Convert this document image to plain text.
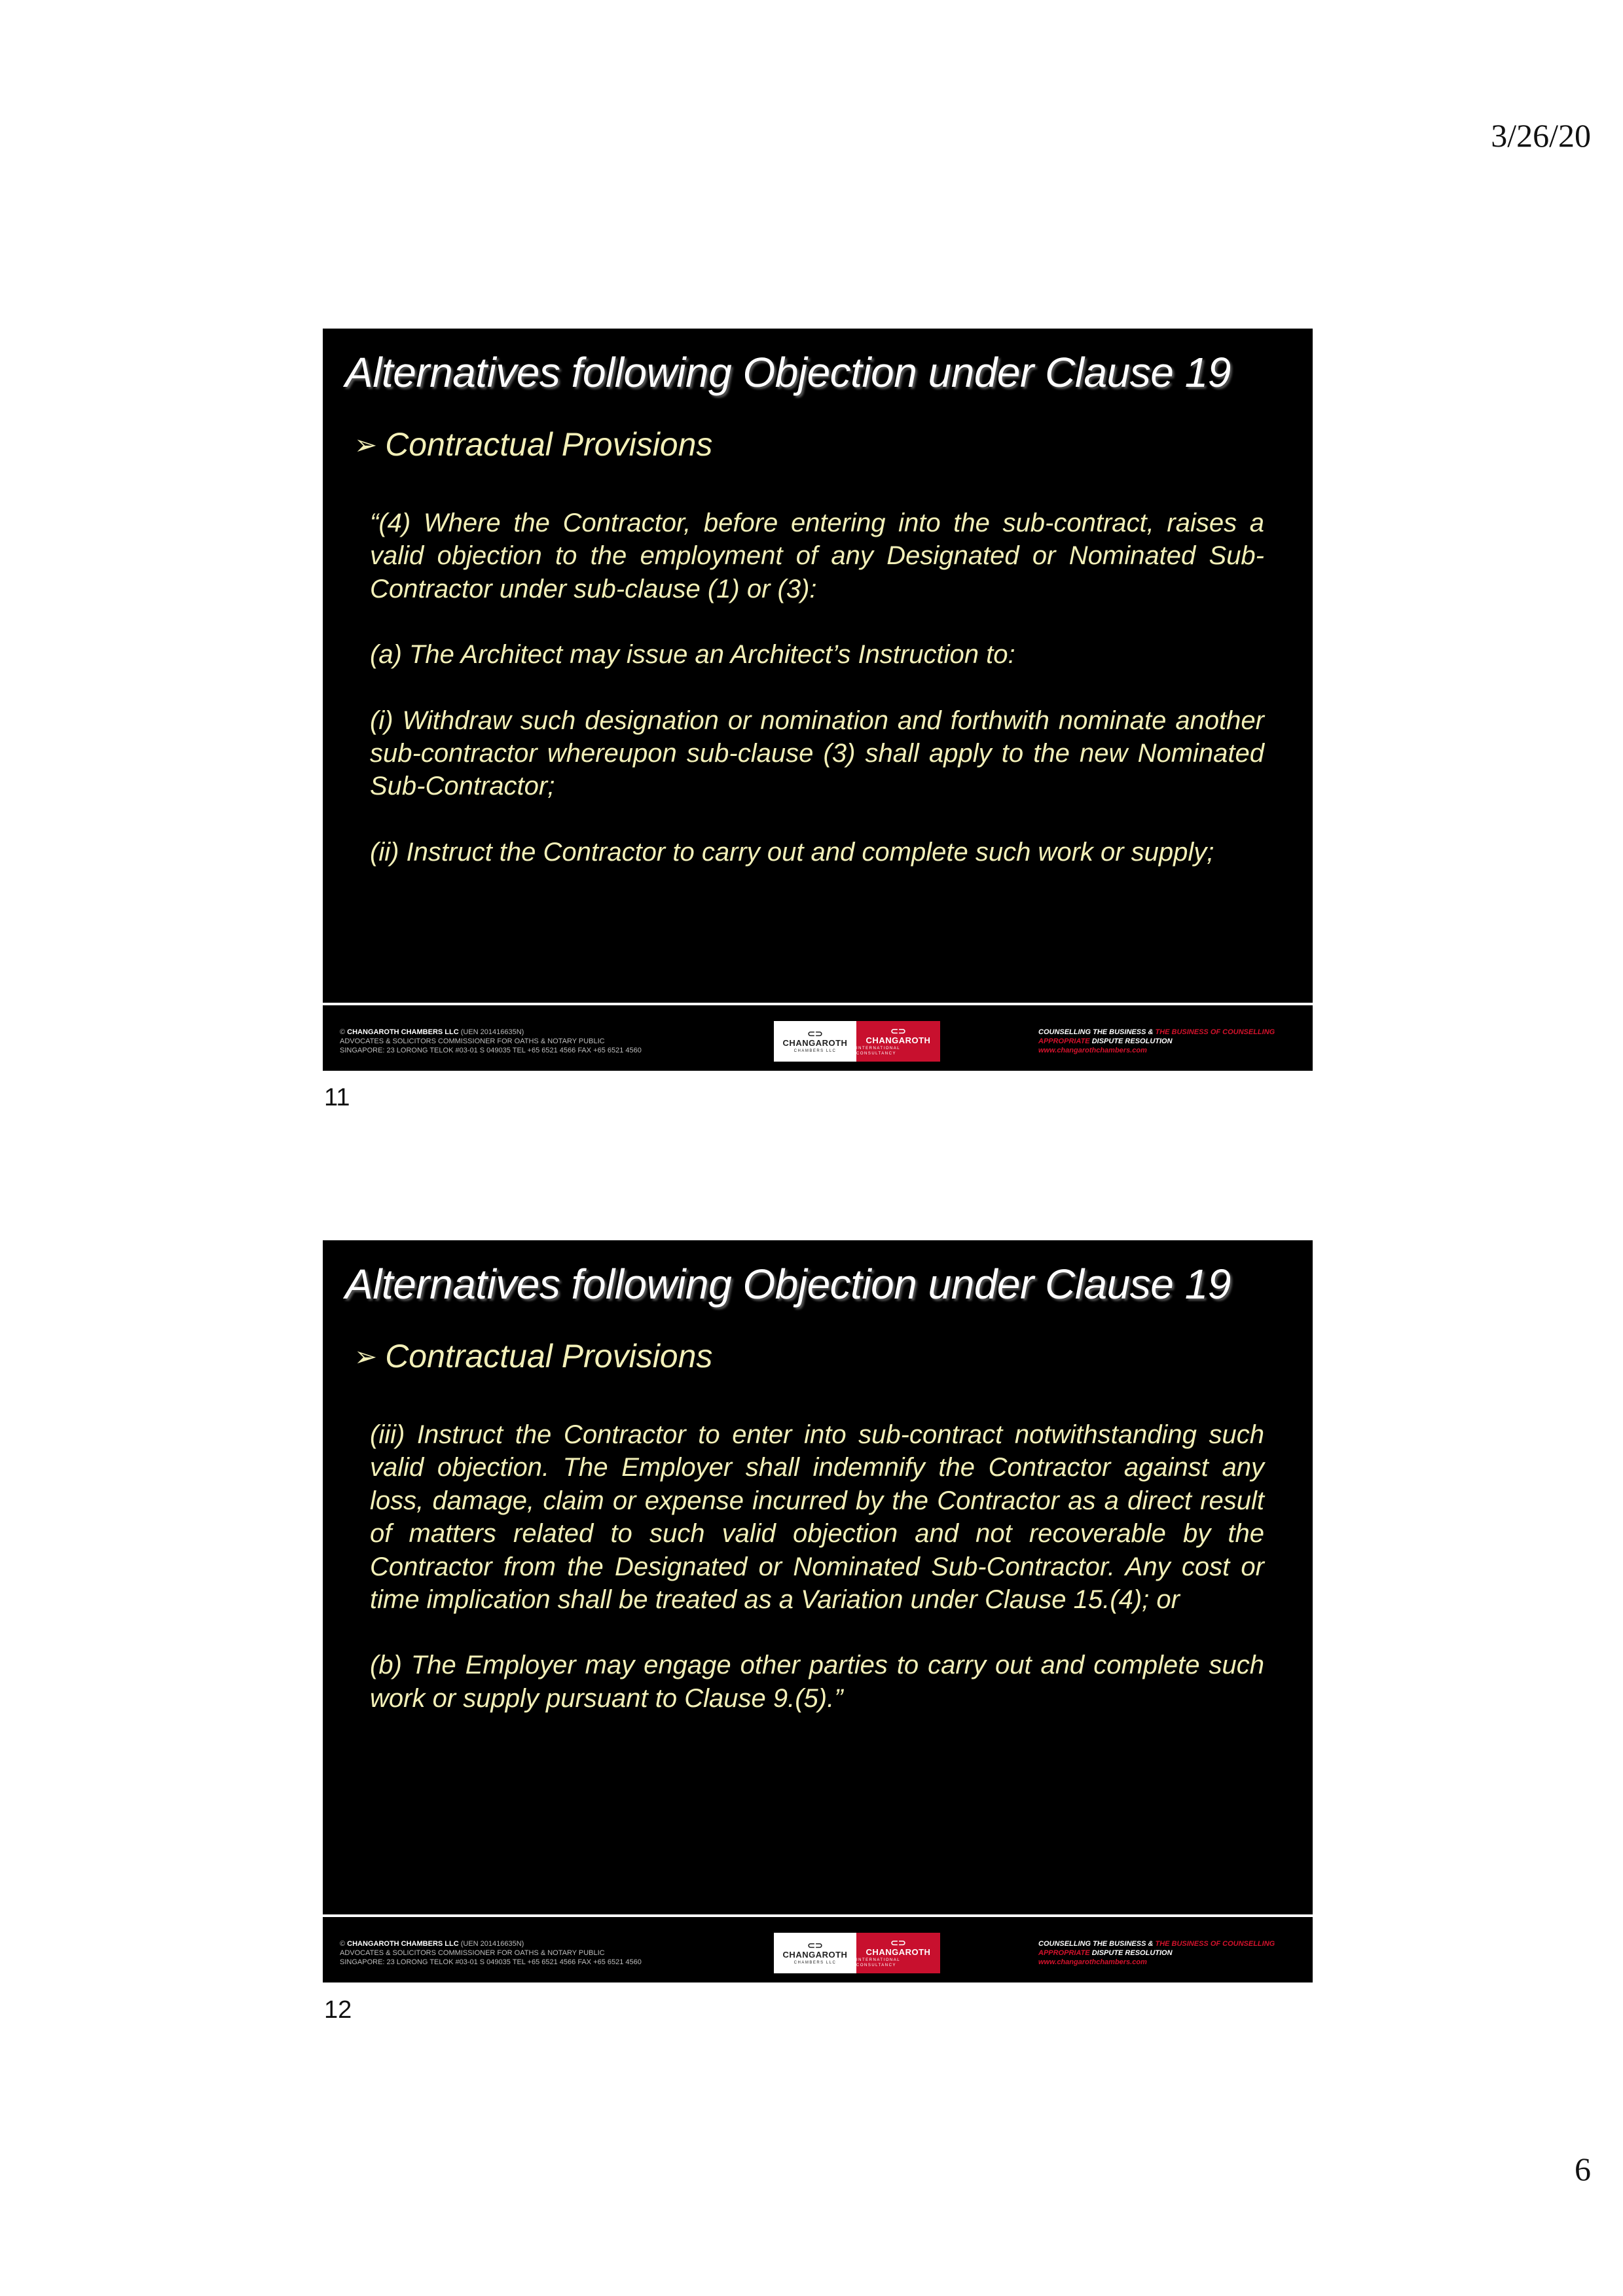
3/26/20
Alternatives following Objection under Clause 19
➢ Contractual Provisions

“(4) Where the Contractor, before entering into the sub-contract, raises a valid objection to the employment of any Designated or Nominated Sub-Contractor under sub-clause (1) or (3):

(a) The Architect may issue an Architect’s Instruction to:

(i) Withdraw such designation or nomination and forthwith nominate another sub-contractor whereupon sub-clause (3) shall apply to the new Nominated Sub-Contractor;

(ii) Instruct the Contractor to carry out and complete such work or supply;

© CHANGAROTH CHAMBERS LLC (UEN 201416635N)
ADVOCATES & SOLICITORS COMMISSIONER FOR OATHS & NOTARY PUBLIC
SINGAPORE: 23 LORONG TELOK #03-01 S 049035 TEL +65 6521 4566 FAX +65 6521 4560
⊂⊃
CHANGAROTH
CHAMBERS LLC
⊂⊃
CHANGAROTH
INTERNATIONAL CONSULTANCY
COUNSELLING THE BUSINESS & THE BUSINESS OF COUNSELLING
APPROPRIATE DISPUTE RESOLUTION
www.changarothchambers.com
11
Alternatives following Objection under Clause 19
➢ Contractual Provisions

(iii) Instruct the Contractor to enter into sub-contract notwithstanding such valid objection. The Employer shall indemnify the Contractor against any loss, damage, claim or expense incurred by the Contractor as a direct result of matters related to such valid objection and not recoverable by the Contractor from the Designated or Nominated Sub-Contractor. Any cost or time implication shall be treated as a Variation under Clause 15.(4); or

(b) The Employer may engage other parties to carry out and complete such work or supply pursuant to Clause 9.(5).”

© CHANGAROTH CHAMBERS LLC (UEN 201416635N)
ADVOCATES & SOLICITORS COMMISSIONER FOR OATHS & NOTARY PUBLIC
SINGAPORE: 23 LORONG TELOK #03-01 S 049035 TEL +65 6521 4566 FAX +65 6521 4560
⊂⊃
CHANGAROTH
CHAMBERS LLC
⊂⊃
CHANGAROTH
INTERNATIONAL CONSULTANCY
COUNSELLING THE BUSINESS & THE BUSINESS OF COUNSELLING
APPROPRIATE DISPUTE RESOLUTION
www.changarothchambers.com
12
6
